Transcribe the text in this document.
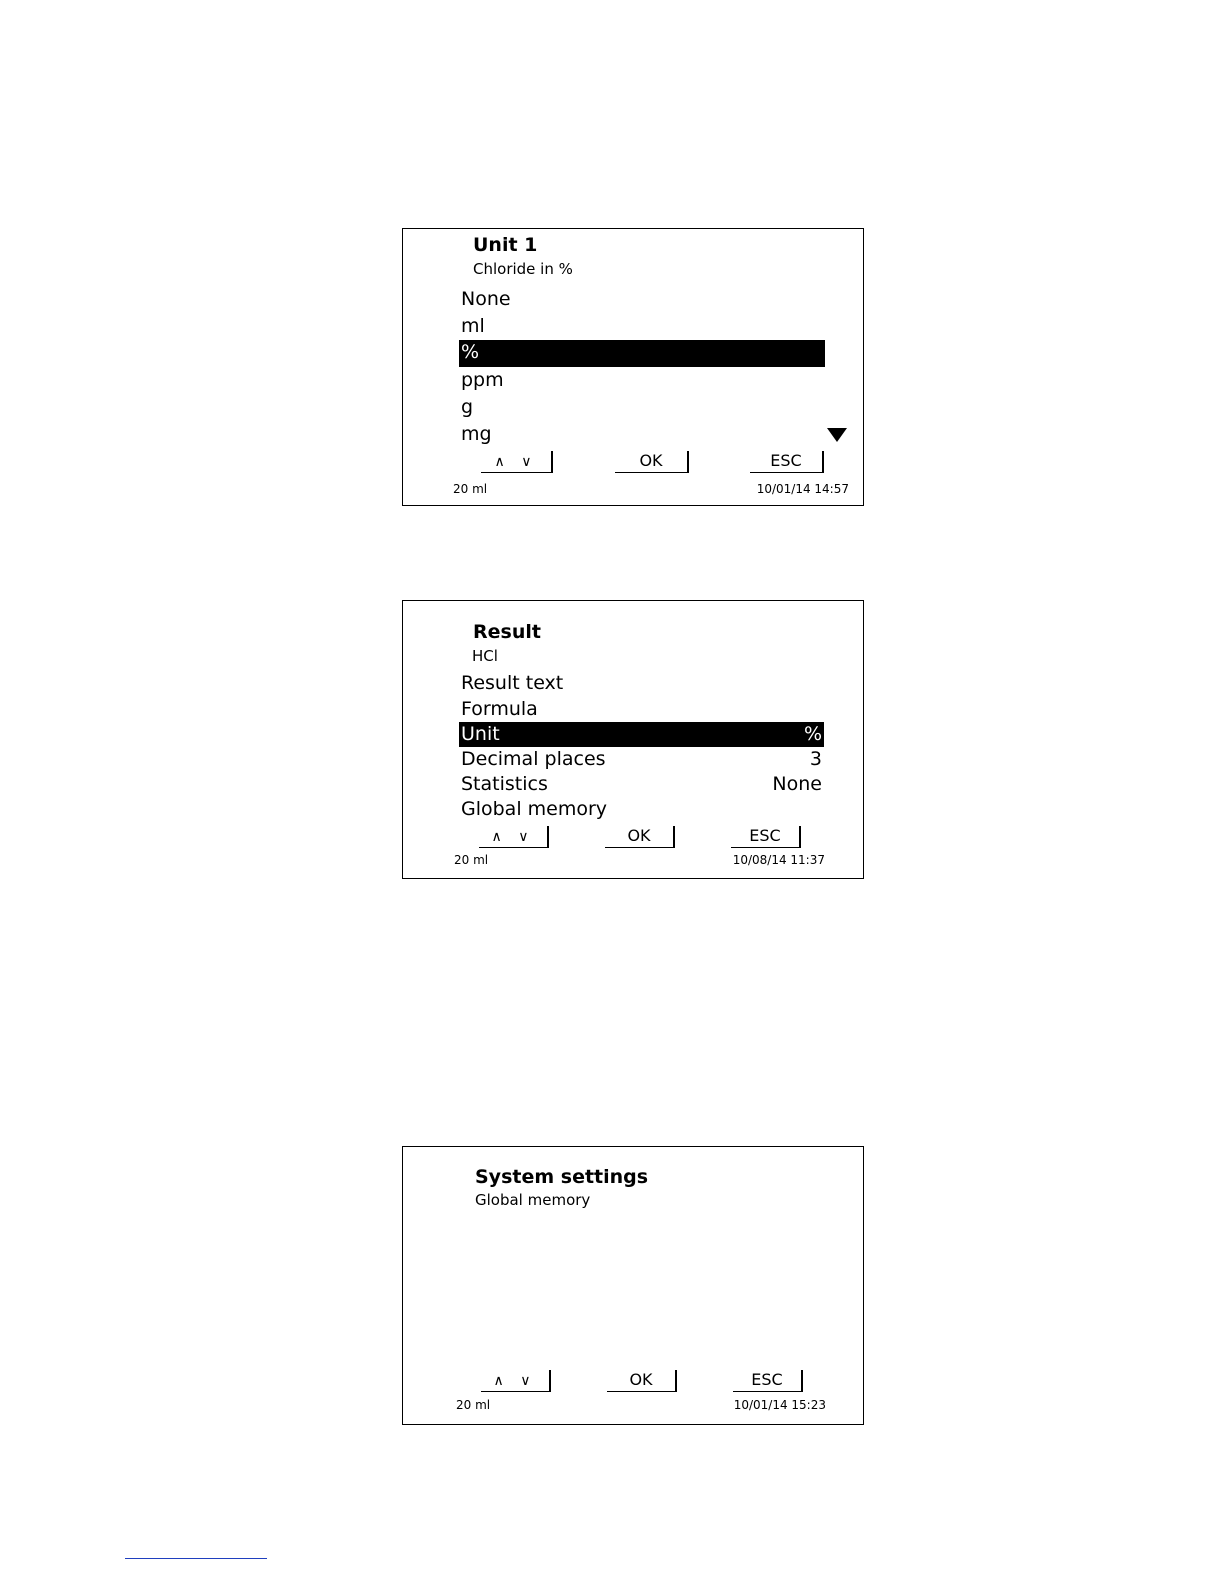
Unit 1
Chloride in %
None
ml
%
ppm
g
mg
∧ ∨	OK	ESC
20 ml	10/01/14 14:57
Result
HCl
Result text
Formula
Unit	%
Decimal places	3
Statistics	None
Global memory
∧ ∨	OK	ESC
20 ml	10/08/14 11:37
System settings
Global memory
∧ ∨	OK	ESC
20 ml	10/01/14 15:23
